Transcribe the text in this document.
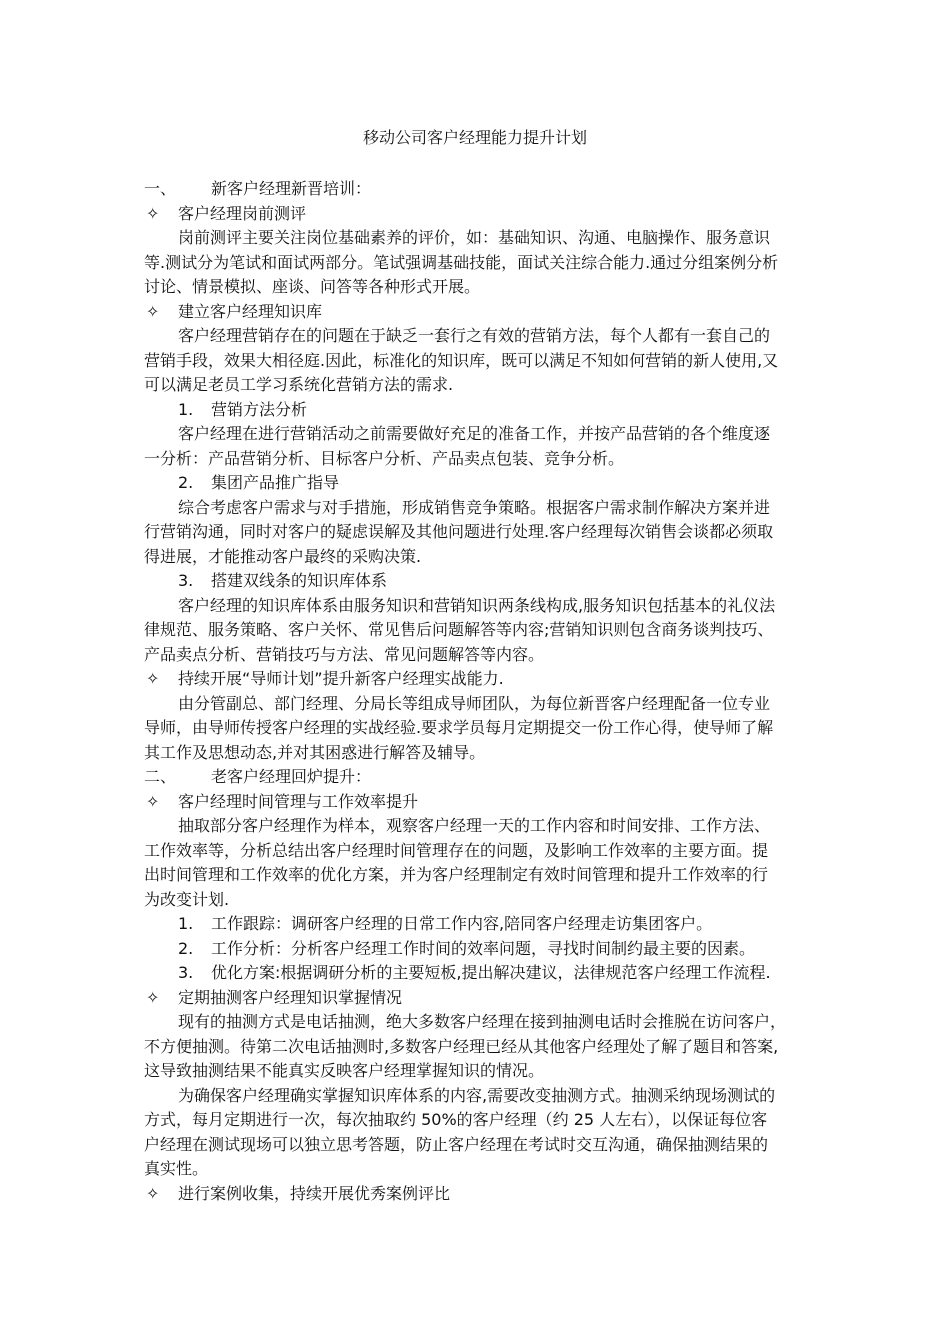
移动公司客户经理能力提升计划
一、 新客户经理新晋培训：
✧ 客户经理岗前测评
岗前测评主要关注岗位基础素养的评价，如：基础知识、沟通、电脑操作、服务意识
等.测试分为笔试和面试两部分。笔试强调基础技能，面试关注综合能力.通过分组案例分析
讨论、情景模拟、座谈、问答等各种形式开展。
✧ 建立客户经理知识库
客户经理营销存在的问题在于缺乏一套行之有效的营销方法，每个人都有一套自己的
营销手段，效果大相径庭.因此，标准化的知识库，既可以满足不知如何营销的新人使用,又
可以满足老员工学习系统化营销方法的需求.
1. 营销方法分析
客户经理在进行营销活动之前需要做好充足的准备工作，并按产品营销的各个维度逐
一分析：产品营销分析、目标客户分析、产品卖点包装、竞争分析。
2. 集团产品推广指导
综合考虑客户需求与对手措施，形成销售竞争策略。根据客户需求制作解决方案并进
行营销沟通，同时对客户的疑虑误解及其他问题进行处理.客户经理每次销售会谈都必须取
得进展，才能推动客户最终的采购决策.
3. 搭建双线条的知识库体系
客户经理的知识库体系由服务知识和营销知识两条线构成,服务知识包括基本的礼仪法
律规范、服务策略、客户关怀、常见售后问题解答等内容;营销知识则包含商务谈判技巧、
产品卖点分析、营销技巧与方法、常见问题解答等内容。
✧ 持续开展“导师计划”提升新客户经理实战能力.
由分管副总、部门经理、分局长等组成导师团队，为每位新晋客户经理配备一位专业
导师，由导师传授客户经理的实战经验.要求学员每月定期提交一份工作心得，使导师了解
其工作及思想动态,并对其困惑进行解答及辅导。
二、 老客户经理回炉提升：
✧ 客户经理时间管理与工作效率提升
抽取部分客户经理作为样本，观察客户经理一天的工作内容和时间安排、工作方法、
工作效率等，分析总结出客户经理时间管理存在的问题，及影响工作效率的主要方面。提
出时间管理和工作效率的优化方案，并为客户经理制定有效时间管理和提升工作效率的行
为改变计划.
1. 工作跟踪：调研客户经理的日常工作内容,陪同客户经理走访集团客户。
2. 工作分析：分析客户经理工作时间的效率问题，寻找时间制约最主要的因素。
3. 优化方案:根据调研分析的主要短板,提出解决建议，法律规范客户经理工作流程.
✧ 定期抽测客户经理知识掌握情况
现有的抽测方式是电话抽测，绝大多数客户经理在接到抽测电话时会推脱在访问客户，
不方便抽测。待第二次电话抽测时,多数客户经理已经从其他客户经理处了解了题目和答案,
这导致抽测结果不能真实反映客户经理掌握知识的情况。
为确保客户经理确实掌握知识库体系的内容,需要改变抽测方式。抽测采纳现场测试的
方式，每月定期进行一次，每次抽取约 50%的客户经理（约 25 人左右），以保证每位客
户经理在测试现场可以独立思考答题，防止客户经理在考试时交互沟通，确保抽测结果的
真实性。
✧ 进行案例收集，持续开展优秀案例评比
